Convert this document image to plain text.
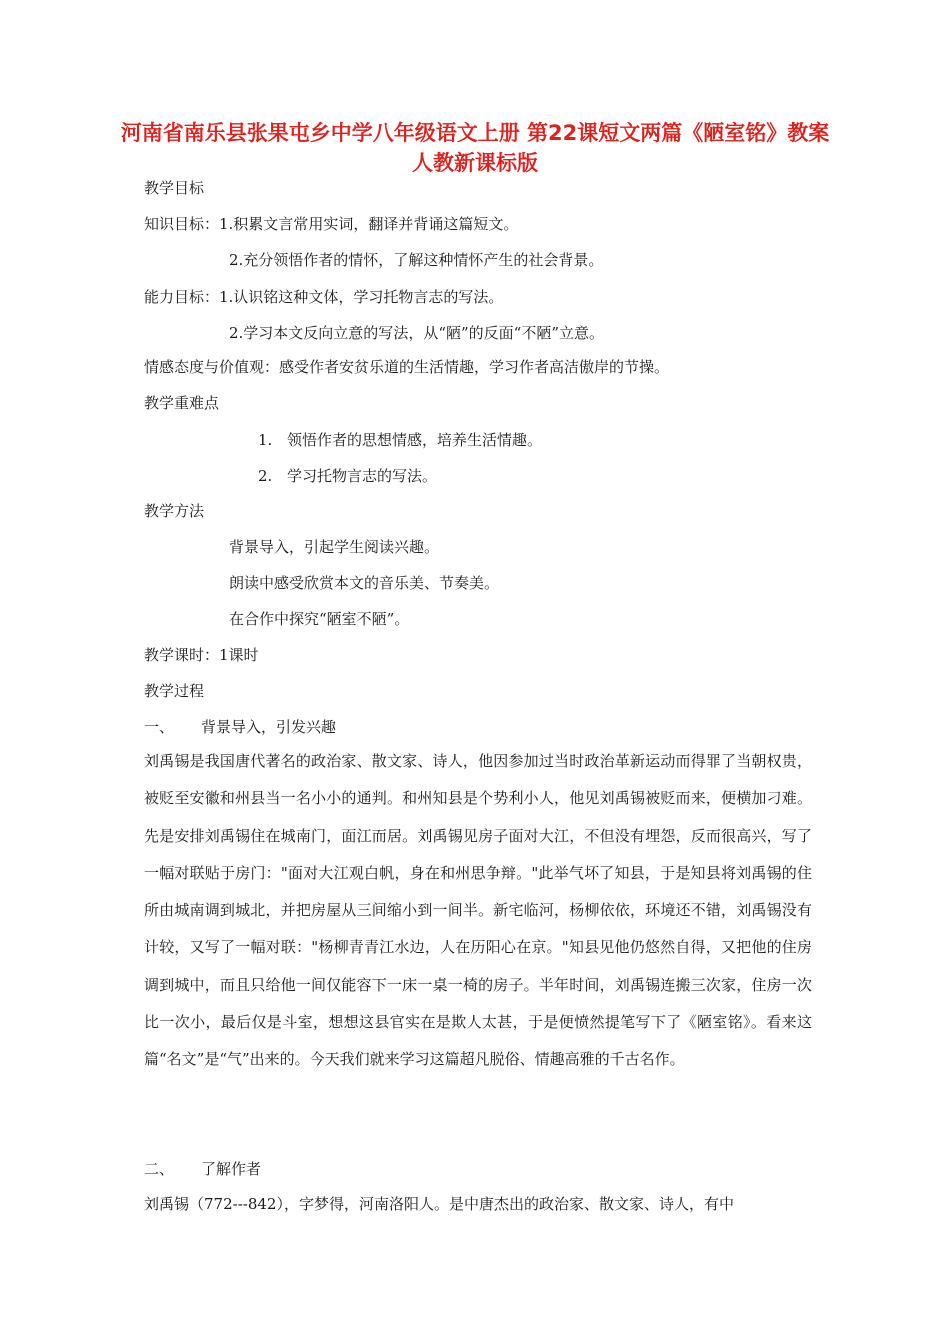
河南省南乐县张果屯乡中学八年级语文上册 第22课短文两篇《陋室铭》教案 人教新课标版

教学目标

知识目标：1.积累文言常用实词，翻译并背诵这篇短文。

2.充分领悟作者的情怀，了解这种情怀产生的社会背景。

能力目标：1.认识铭这种文体，学习托物言志的写法。

2.学习本文反向立意的写法，从“陋”的反面“不陋”立意。

情感态度与价值观：感受作者安贫乐道的生活情趣，学习作者高洁傲岸的节操。

教学重难点

1. 领悟作者的思想情感，培养生活情趣。

2. 学习托物言志的写法。

教学方法

背景导入，引起学生阅读兴趣。

朗读中感受欣赏本文的音乐美、节奏美。

在合作中探究“陋室不陋”。

教学课时：1课时

教学过程

一、 背景导入，引发兴趣

刘禹锡是我国唐代著名的政治家、散文家、诗人，他因参加过当时政治革新运动而得罪了当朝权贵，被贬至安徽和州县当一名小小的通判。和州知县是个势利小人，他见刘禹锡被贬而来，便横加刁难。先是安排刘禹锡住在城南门，面江而居。刘禹锡见房子面对大江，不但没有埋怨，反而很高兴，写了一幅对联贴于房门："面对大江观白帆，身在和州思争辩。"此举气坏了知县，于是知县将刘禹锡的住所由城南调到城北，并把房屋从三间缩小到一间半。新宅临河，杨柳依依，环境还不错，刘禹锡没有计较，又写了一幅对联："杨柳青青江水边，人在历阳心在京。"知县见他仍悠然自得，又把他的住房调到城中，而且只给他一间仅能容下一床一桌一椅的房子。半年时间，刘禹锡连搬三次家，住房一次比一次小，最后仅是斗室，想想这县官实在是欺人太甚，于是便愤然提笔写下了《陋室铭》。看来这篇“名文”是“气”出来的。今天我们就来学习这篇超凡脱俗、情趣高雅的千古名作。

二、 了解作者

刘禹锡（772---842），字梦得，河南洛阳人。是中唐杰出的政治家、散文家、诗人，有中
